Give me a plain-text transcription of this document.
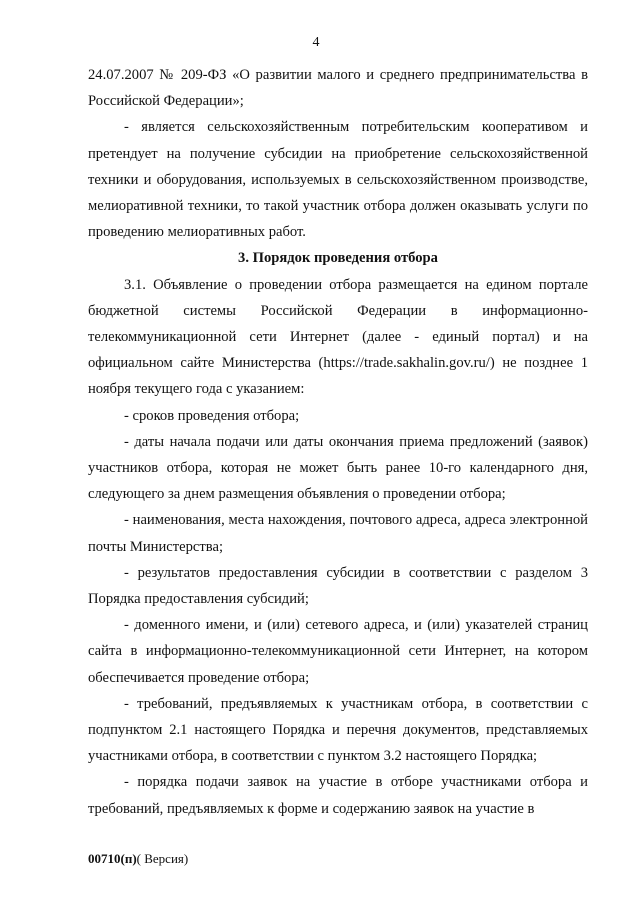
4

24.07.2007 № 209-ФЗ «О развитии малого и среднего предпринимательства в Российской Федерации»;

- является сельскохозяйственным потребительским кооперативом и претендует на получение субсидии на приобретение сельскохозяйственной техники и оборудования, используемых в сельскохозяйственном производстве, мелиоративной техники, то такой участник отбора должен оказывать услуги по проведению мелиоративных работ.

3. Порядок проведения отбора

3.1. Объявление о проведении отбора размещается на едином портале бюджетной системы Российской Федерации в информационно-телекоммуникационной сети Интернет (далее - единый портал) и на официальном сайте Министерства (https://trade.sakhalin.gov.ru/) не позднее 1 ноября текущего года с указанием:

- сроков проведения отбора;

- даты начала подачи или даты окончания приема предложений (заявок) участников отбора, которая не может быть ранее 10-го календарного дня, следующего за днем размещения объявления о проведении отбора;

- наименования, места нахождения, почтового адреса, адреса электронной почты Министерства;

- результатов предоставления субсидии в соответствии с разделом 3 Порядка предоставления субсидий;

- доменного имени, и (или) сетевого адреса, и (или) указателей страниц сайта в информационно-телекоммуникационной сети Интернет, на котором обеспечивается проведение отбора;

- требований, предъявляемых к участникам отбора, в соответствии с подпунктом 2.1 настоящего Порядка и перечня документов, представляемых участниками отбора, в соответствии с пунктом 3.2 настоящего Порядка;

- порядка подачи заявок на участие в отборе участниками отбора и требований, предъявляемых к форме и содержанию заявок на участие в

00710(п)( Версия)
